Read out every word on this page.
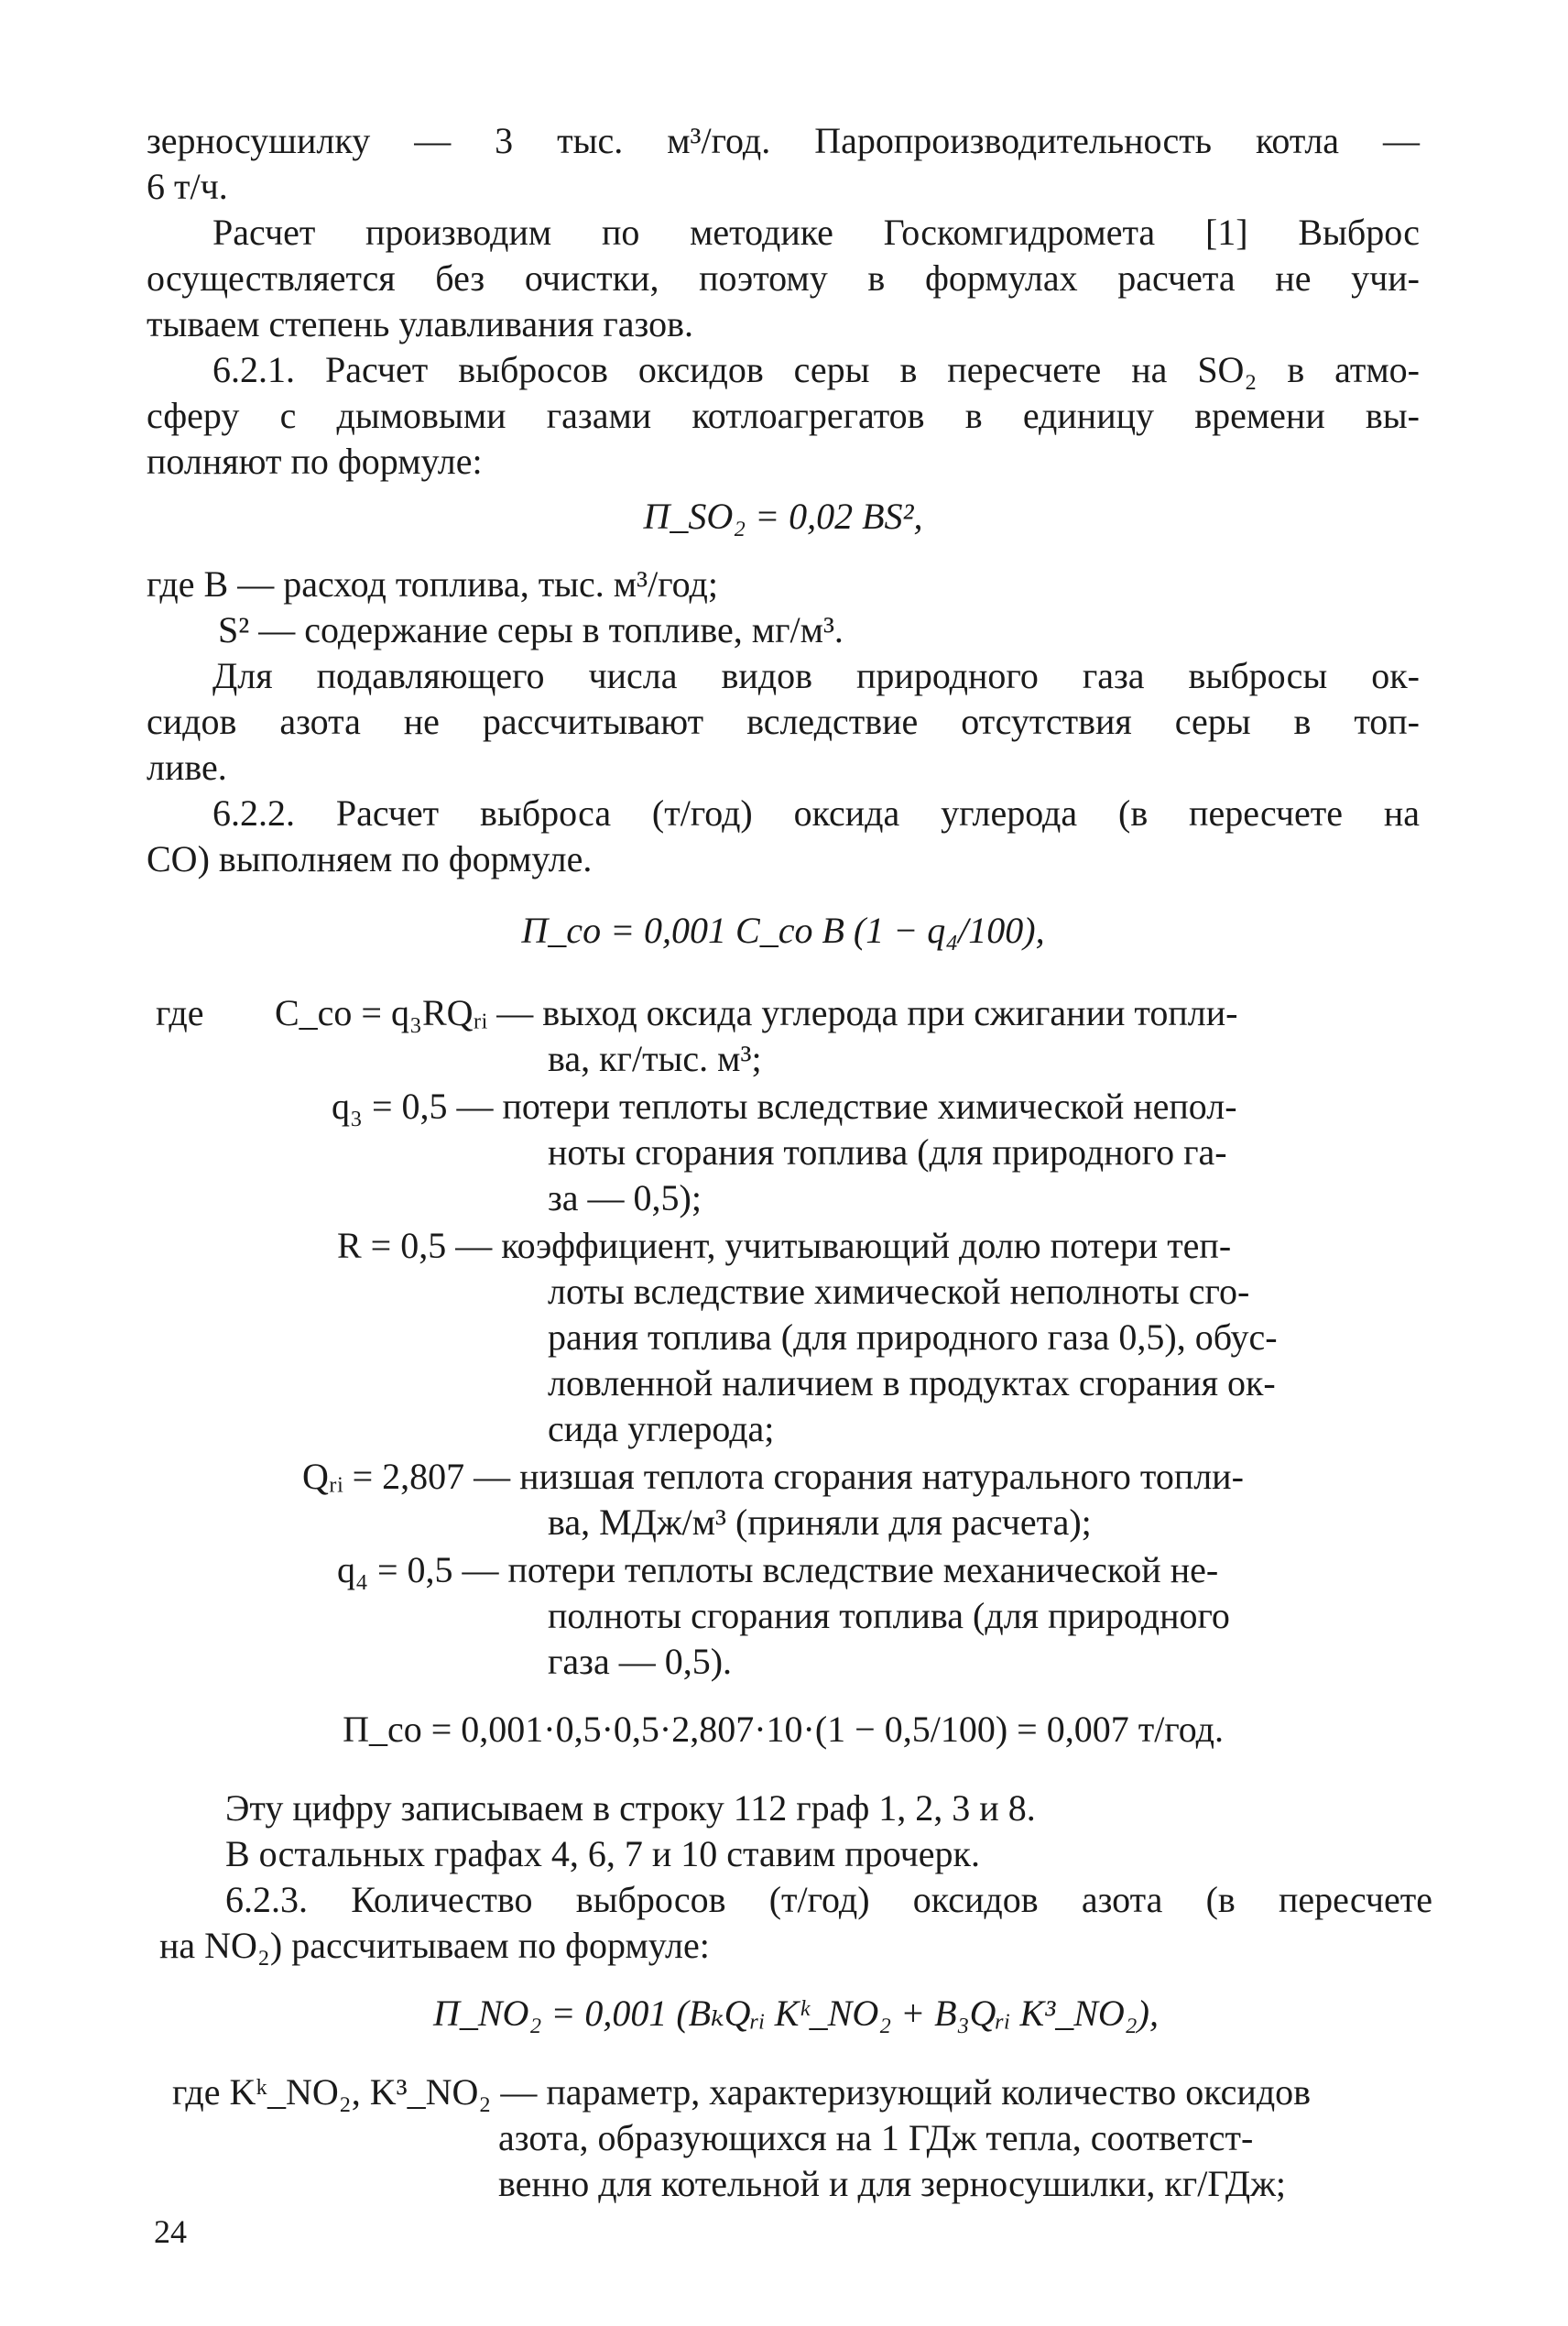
зерносушилку — 3 тыс. м³/год. Паропроизводительность котла —
6 т/ч.
Расчет производим по методике Госкомгидромета [1] Выброс
осуществляется без очистки, поэтому в формулах расчета не учи-
тываем степень улавливания газов.
6.2.1. Расчет выбросов оксидов серы в пересчете на SO₂ в атмо-
сферу с дымовыми газами котлоагрегатов в единицу времени вы-
полняют по формуле:
П_SO₂ = 0,02 BS²,
где B — расход топлива, тыс. м³/год;
S² — содержание серы в топливе, мг/м³.
Для подавляющего числа видов природного газа выбросы ок-
сидов азота не рассчитывают вследствие отсутствия серы в топ-
ливе.
6.2.2. Расчет выброса (т/год) оксида углерода (в пересчете на
CO) выполняем по формуле.
П_co = 0,001 C_co B (1 − q₄/100),
где C_co = q₃RQᵣᵢ — выход оксида углерода при сжигании топли-
ва, кг/тыс. м³;
q₃ = 0,5 — потери теплоты вследствие химической непол-
ноты сгорания топлива (для природного га-
за — 0,5);
R = 0,5 — коэффициент, учитывающий долю потери теп-
лоты вследствие химической неполноты сго-
рания топлива (для природного газа 0,5), обус-
ловленной наличием в продуктах сгорания ок-
сида углерода;
Qᵣᵢ = 2,807 — низшая теплота сгорания натурального топли-
ва, МДж/м³ (приняли для расчета);
q₄ = 0,5 — потери теплоты вследствие механической не-
полноты сгорания топлива (для природного
газа — 0,5).
П_co = 0,001·0,5·0,5·2,807·10·(1 − 0,5/100) = 0,007 т/год.
Эту цифру записываем в строку 112 граф 1, 2, 3 и 8.
В остальных графах 4, 6, 7 и 10 ставим прочерк.
6.2.3. Количество выбросов (т/год) оксидов азота (в пересчете
на NO₂) рассчитываем по формуле:
П_NO₂ = 0,001 (BₖQᵣᵢ Kᵏ_NO₂ + B₃Qᵣᵢ K³_NO₂),
где Kᵏ_NO₂, K³_NO₂ — параметр, характеризующий количество оксидов
азота, образующихся на 1 ГДж тепла, соответст-
венно для котельной и для зерносушилки, кг/ГДж;
24
